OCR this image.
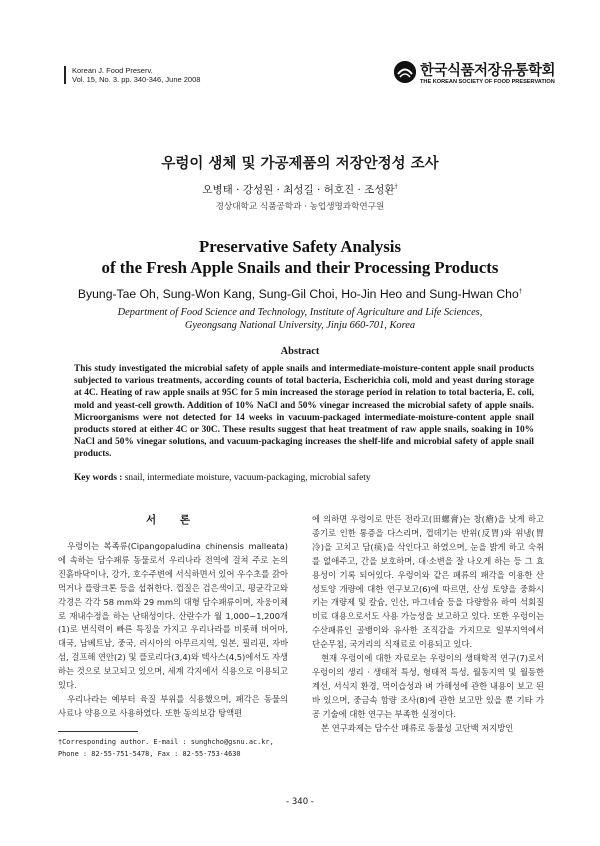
Korean J. Food Preserv.
Vol. 15, No. 3. pp. 340-346, June 2008
한국식품저장유통학회
THE KOREAN SOCIETY OF FOOD PRESERVATION
우렁이 생체 및 가공제품의 저장안정성 조사
오병태 · 강성원 · 최성길 · 허호진 · 조성환†
경상대학교 식품공학과 · 농업생명과학연구원
Preservative Safety Analysis
of the Fresh Apple Snails and their Processing Products
Byung-Tae Oh, Sung-Won Kang, Sung-Gil Choi, Ho-Jin Heo and Sung-Hwan Cho†
Department of Food Science and Technology, Institute of Agriculture and Life Sciences,
Gyeongsang National University, Jinju 660-701, Korea
Abstract
This study investigated the microbial safety of apple snails and intermediate-moisture-content apple snail products subjected to various treatments, according counts of total bacteria, Escherichia coli, mold and yeast during storage at 4C. Heating of raw apple snails at 95C for 5 min increased the storage period in relation to total bacteria, E. coli, mold and yeast-cell growth. Addition of 10% NaCl and 50% vinegar increased the microbial safety of apple snails. Microorganisms were not detected for 14 weeks in vacuum-packaged intermediate-moisture-content apple snail products stored at either 4C or 30C. These results suggest that heat treatment of raw apple snails, soaking in 10% NaCl and 50% vinegar solutions, and vacuum-packaging increases the shelf-life and microbial safety of apple snail products.
Key words : snail, intermediate moisture, vacuum-packaging, microbial safety
서 론

우렁이는 복족류(Cipangopaludina chinensis malleata)에 속하는 담수패류 동물로서 우리나라 전역에 걸쳐 주로 논의 진흙바닥이나, 강가, 호수주변에 서식하면서 있어 우수초를 갉아먹거나 플랑크톤 등을 섭취한다. 껍질은 검은색이고, 평균각고와 각경은 각각 58 mm와 29 mm의 대형 담수패류이며, 자웅이체로 재내수정을 하는 난태성이다. 산란수가 월 1,000~1,200개(1)로 번식력이 빠른 특징을 가지고 우리나라를 비롯해 버어마, 대국, 남베트남, 중국, 러시아의 아무르지역, 일본, 필리핀, 자바섬, 걸프해 연안(2) 및 플로리다(3,4)와 텍사스(4,5)에서도 자생하는 것으로 보고되고 있으며, 세계 각지에서 식용으로 이용되고 있다.

우리나라는 예부터 육질 부위를 식용했으며, 패각은 동물의 사료나 약용으로 사용하였다. 또한 동의보감 탕액편

에 의하면 우렁이로 만든 전라고(田螺膏)는 창(瘡)을 낫게 하고 종기로 인한 통증을 다스리며, 껍데기는 반위(反胃)와 위냉(胃冷)을 고치고 담(痰)을 삭인다고 하였으며, 눈을 밝게 하고 숙취를 없애주고, 간을 보호하며, 대·소변을 잘 나오게 하는 등 그 효용성이 기록 되어있다. 우렁이와 같은 패류의 패각을 이용한 산성토양 개량에 대한 연구보고(6)에 따르면, 산성 토양을 중화시키는 개량제 및 칼슘, 인산, 마그네슘 등을 다량함유 하여 석회질비료 대용으로서도 사용 가능성을 보고하고 있다. 또한 우렁이는 수산패류인 골뱅이와 유사한 조직감을 가지므로 일부지역에서 단순무침, 국거리의 식재료로 이용되고 있다.

현재 우렁이에 대한 자료로는 우렁이의 생태학적 연구(7)로서 우렁이의 생리 · 생태적 특성, 형태적 특성, 월동지역 및 월동한계선, 서식지 환경, 먹이습성과 벼 가해성에 관한 내용이 보고 된바 있으며, 중금속 함량 조사(8)에 관한 보고만 있을 뿐 기타 가공 기술에 대한 연구는 부족한 실정이다.

본 연구과제는 담수산 패류로 동물성 고단백 저지방인

†Corresponding author. E-mail : sunghcho@gsnu.ac.kr,
Phone : 82-55-751-5478, Fax : 82-55-753-4630
- 340 -
